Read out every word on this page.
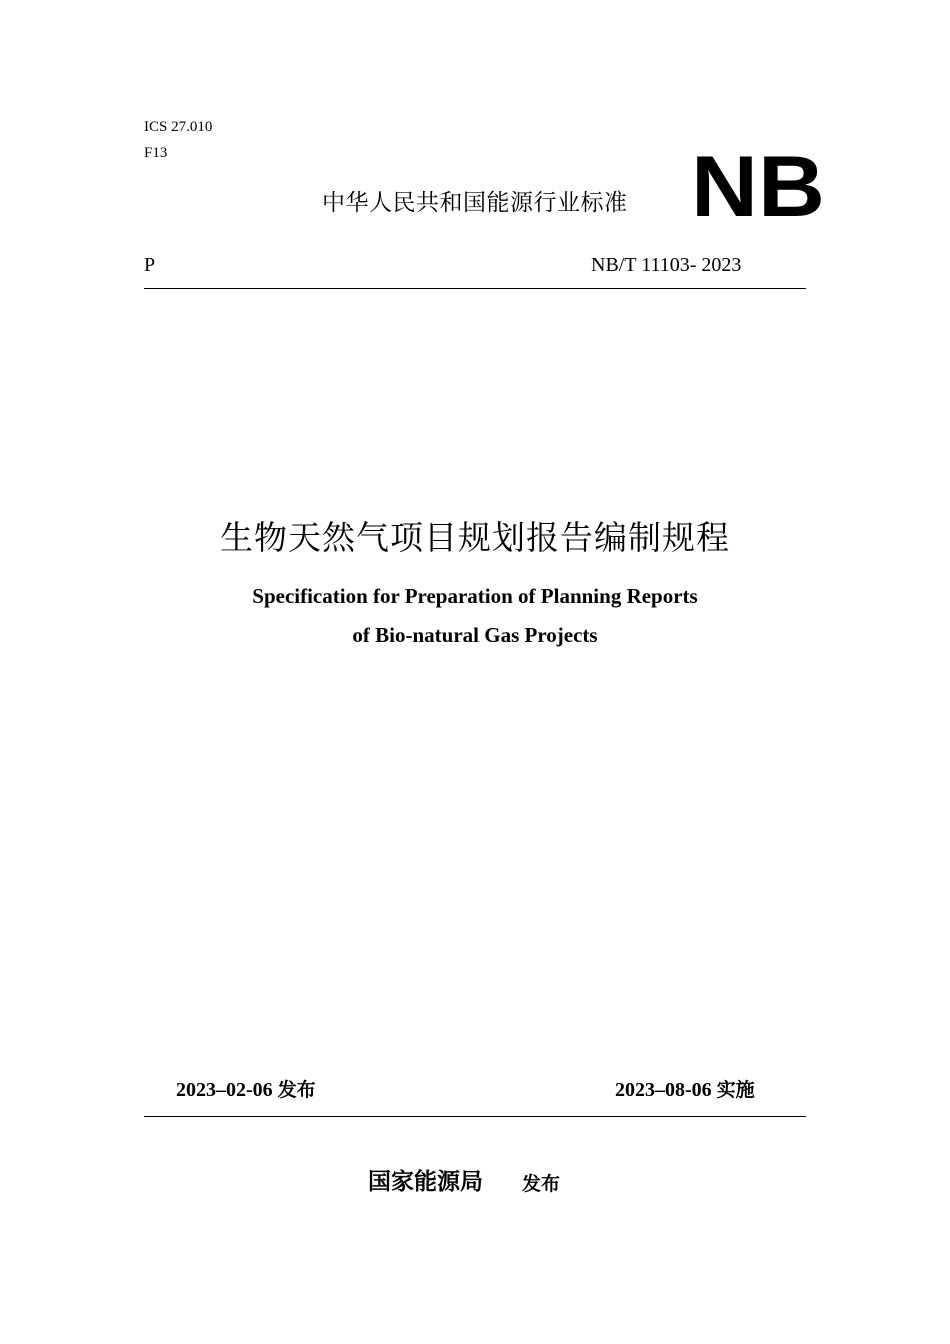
ICS 27.010
F13
中华人民共和国能源行业标准 NB
P	NB/T 11103- 2023
生物天然气项目规划报告编制规程
Specification for Preparation of Planning Reports
of Bio-natural Gas Projects
2023–02-06 发布	2023–08-06 实施
国家能源局 发布
